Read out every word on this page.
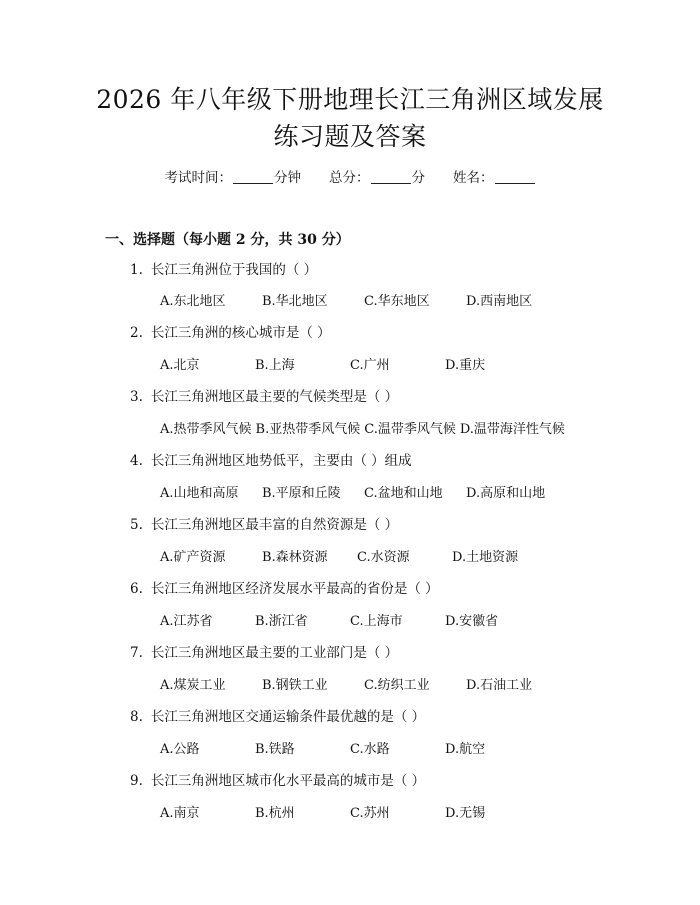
2026 年八年级下册地理长江三角洲区域发展
练习题及答案
考试时间：	分钟 总分：	分 姓名：
一、选择题（每小题 2 分，共 30 分）
1. 长江三角洲位于我国的（ ）
A.东北地区	B.华北地区	C.华东地区	D.西南地区
2. 长江三角洲的核心城市是（ ）
A.北京	B.上海	C.广州	D.重庆
3. 长江三角洲地区最主要的气候类型是（ ）
A.热带季风气候 B.亚热带季风气候 C.温带季风气候 D.温带海洋性气候
4. 长江三角洲地区地势低平，主要由（ ）组成
A.山地和高原 B.平原和丘陵 C.盆地和山地 D.高原和山地
5. 长江三角洲地区最丰富的自然资源是（ ）
A.矿产资源	B.森林资源 C.水资源	D.土地资源
6. 长江三角洲地区经济发展水平最高的省份是（ ）
A.江苏省	B.浙江省	C.上海市	D.安徽省
7. 长江三角洲地区最主要的工业部门是（ ）
A.煤炭工业	B.钢铁工业	C.纺织工业	D.石油工业
8. 长江三角洲地区交通运输条件最优越的是（ ）
A.公路	B.铁路	C.水路	D.航空
9. 长江三角洲地区城市化水平最高的城市是（ ）
A.南京	B.杭州	C.苏州	D.无锡
